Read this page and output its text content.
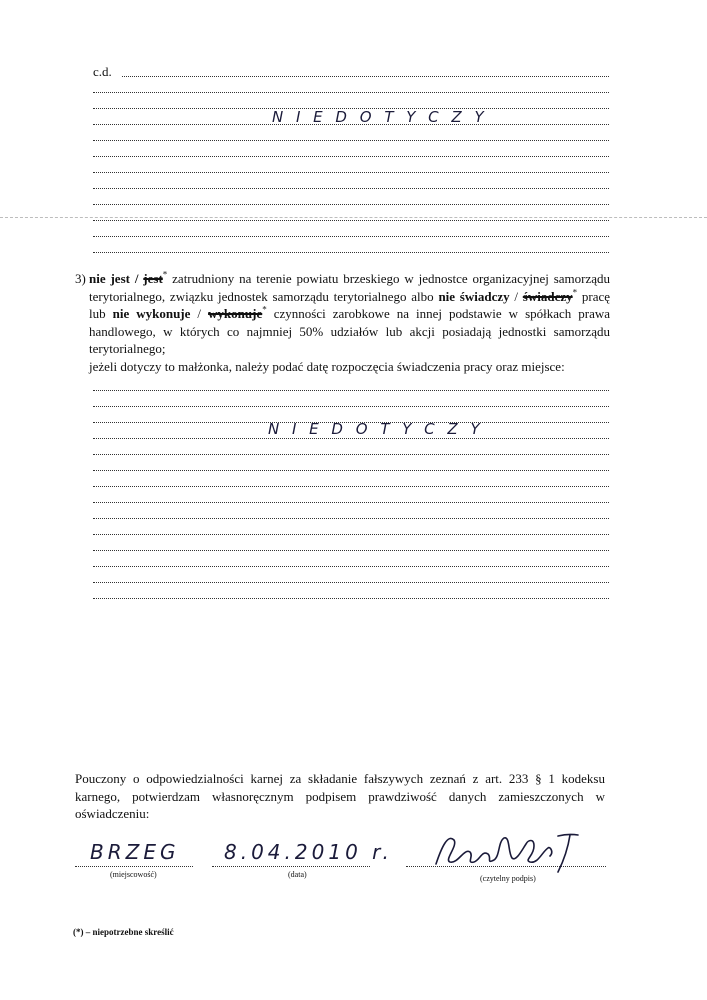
c.d.
N I E D O T Y C Z Y
3) nie jest / jest* zatrudniony na terenie powiatu brzeskiego w jednostce organizacyjnej samorządu terytorialnego, związku jednostek samorządu terytorialnego albo nie świadczy / świadczy* pracę lub nie wykonuje / wykonuje* czynności zarobkowe na innej podstawie w spółkach prawa handlowego, w których co najmniej 50% udziałów lub akcji posiadają jednostki samorządu terytorialnego;
jeżeli dotyczy to małżonka, należy podać datę rozpoczęcia świadczenia pracy oraz miejsce:
N I E D O T Y C Z Y
Pouczony o odpowiedzialności karnej za składanie fałszywych zeznań z art. 233 § 1 kodeksu karnego, potwierdzam własnoręcznym podpisem prawdziwość danych zamieszczonych w oświadczeniu:
BRZEG
(miejscowość)
8.04.2010 r.
(data)	(czytelny podpis)
(*) – niepotrzebne skreślić
